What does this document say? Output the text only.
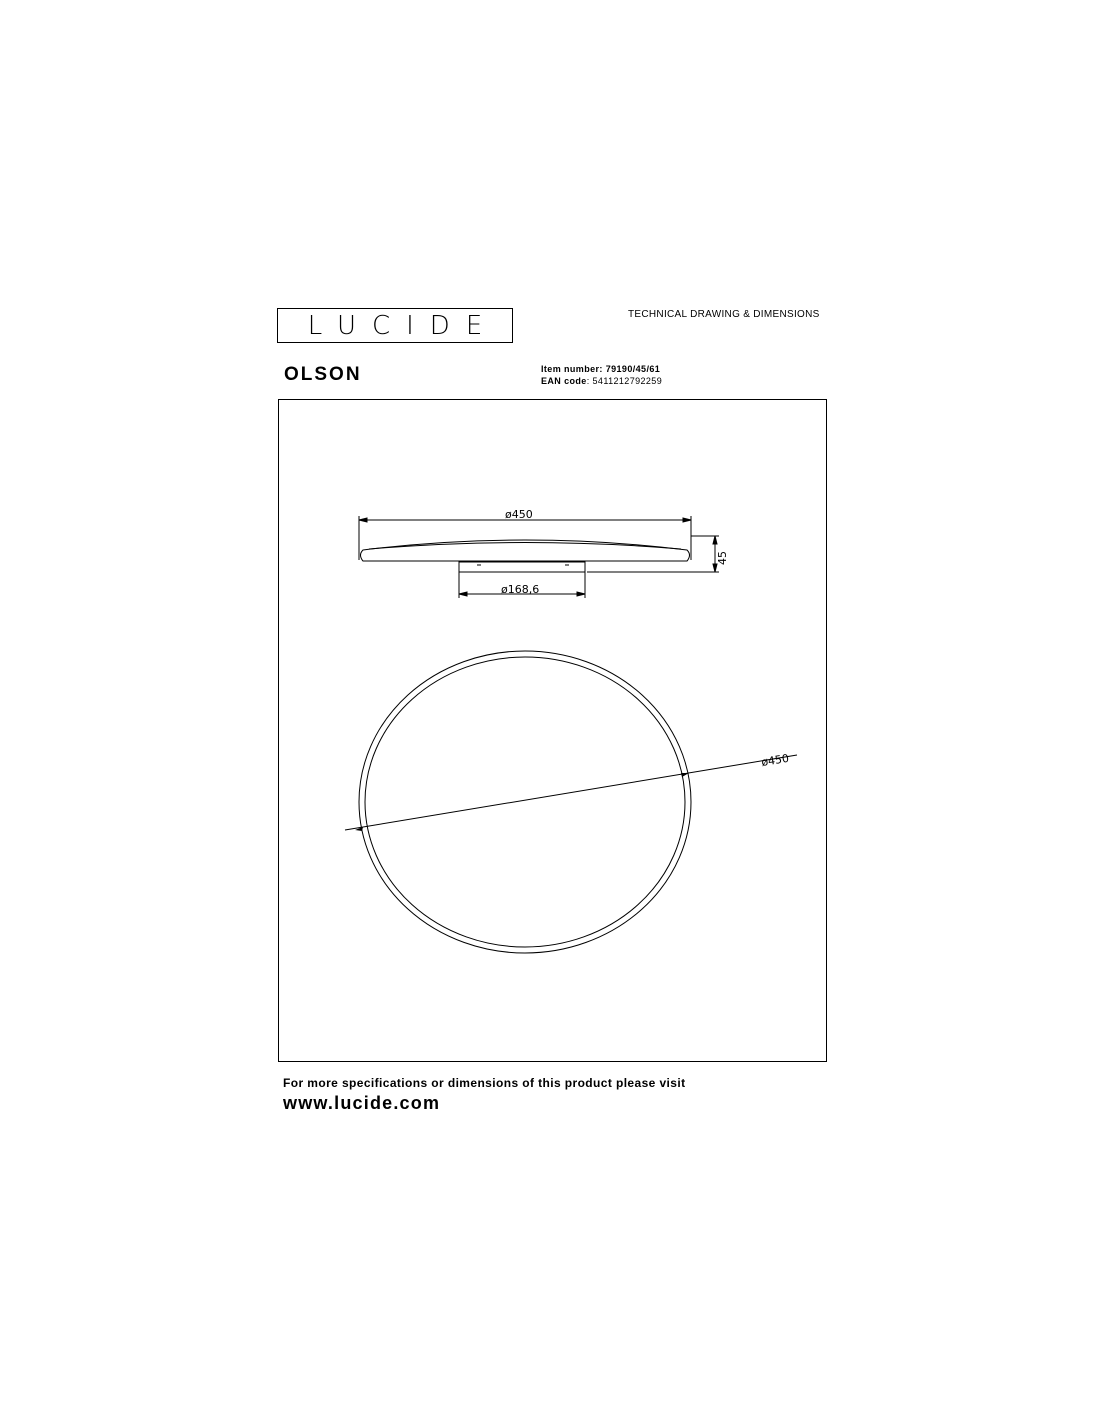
LUCIDE	TECHNICAL DRAWING & DIMENSIONS
OLSON	Item number: 79190/45/61
EAN code: 5411212792259
ø450
45
ø168,6
ø450
For more specifications or dimensions of this product please visit
www.lucide.com
